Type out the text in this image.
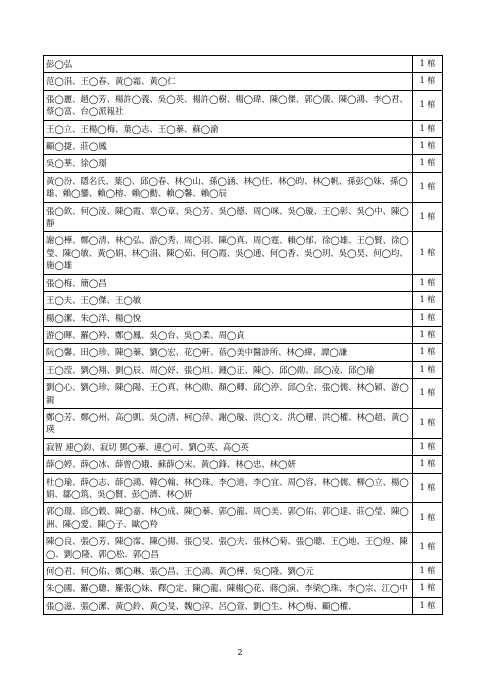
彭◯弘	1 棺
范◯涓、王◯春、黃◯霜、黃◯仁	1 棺
張◯麗、趙◯芳、楊許◯義、吳◯英、楊許◯樹、楊◯瑋、陳◯傑、郭◯儀、陳◯鴻、李◯君、蔡◯富、台◯派報社	1 棺
王◯立、王楊◯梅、葉◯志、王◯蓁、蘇◯渝	1 棺
顧◯捷、莊◯鳳	1 棺
吳◯華、徐◯璟	1 棺
黃◯汾、隱名氏、葉◯、邱◯春、林◯山、孫◯涵、林◯任、林◯昀、林◯帆、孫彭◯妹、孫◯雄、賴◯鑾、賴◯榕、賴◯勳、賴◯馨、賴◯辰	1 棺
張◯欽、何◯淩、陳◯霞、辜◯章、吳◯芳、吳◯德、周◯咪、吳◯璇、王◯彰、吳◯中、陳◯靜	1 棺
謝◯樺、鄭◯清、林◯弘、游◯秀、周◯羽、陳◯真、周◯霆、賴◯郁、徐◯雄、王◯賢、徐◯瑩、陳◯敏、黃◯娟、林◯涓、陳◯茹、何◯霞、吳◯通、何◯香、吳◯玥、吳◯昊、何◯均、施◯雄	1 棺
張◯梅、簡◯昌	1 棺
王◯夫、王◯傑、王◯敏	1 棺
楊◯潔、朱◯洋、楊◯悅	1 棺
游◯暉、羅◯羚、鄭◯鳳、吳◯台、吳◯柔、周◯貞	1 棺
阮◯馨、田◯珍、陳◯蓁、劉◯宏、花◯軒、蓓◯美中醫診所、林◯緯、譚◯謙	1 棺
王◯滢、劉◯翔、劉◯辰、周◯妤、張◯垣、鍾◯正、陳◯、邱◯勛、邱◯凌、邱◯瑜	1 棺
劉◯心、劉◯珍、陳◯陽、王◯真、林◯勛、顏◯卿、邱◯渟、邱◯全、張◯儒、林◯穎、游◯親	1 棺
鄭◯芳、鄭◯州、高◯凱、吳◯清、柯◯萍、謝◯璇、洪◯文、洪◯耀、洪◯權、林◯超、黃◯瑛	1 棺
寂智 連◯鈞、寂切 鄧◯蓁、連◯可、劉◯英、高◯英	1 棺
薛◯婷、薛◯冰、薛曾◯娥、蘇薛◯宋、黃◯鋒、林◯忠、林◯妍	1 棺
杜◯瑜、薛◯志、薛◯鴻、韓◯翰、林◯珠、李◯道、李◯宜、周◯容、林◯儒、柳◯立、楊◯娟、鄒◯筑、吳◯賢、彭◯濟、林◯妍	1 棺
郭◯璟、邱◯穀、陳◯嘉、林◯成、陳◯蓁、郭◯龍、周◯美、郭◯佑、郭◯達、莊◯瑩、陳◯洲、陳◯愛、陳◯子、歐◯羚	1 棺
陳◯良、張◯芳、陳◯霈、陳◯揚、張◯旻、張◯夫、張林◯菊、張◯聰、王◯地、王◯煌、陳◯、劉◯隆、郭◯松、郭◯昌	1 棺
何◯君、何◯佑、鄭◯琳、張◯昌、王◯鴻、黃◯樺、吳◯隆、劉◯元	1 棺
朱◯國、羅◯聰、羅張◯妹、釋◯定、陳◯龍、陳楊◯花、蔣◯演、李梁◯珠、李◯宗、江◯中	1 棺
張◯滋、張◯潔、黃◯鈴、黃◯旻、魏◯淳、呂◯萱、劉◯生、林◯梅、顧◯權、	1 棺
2
